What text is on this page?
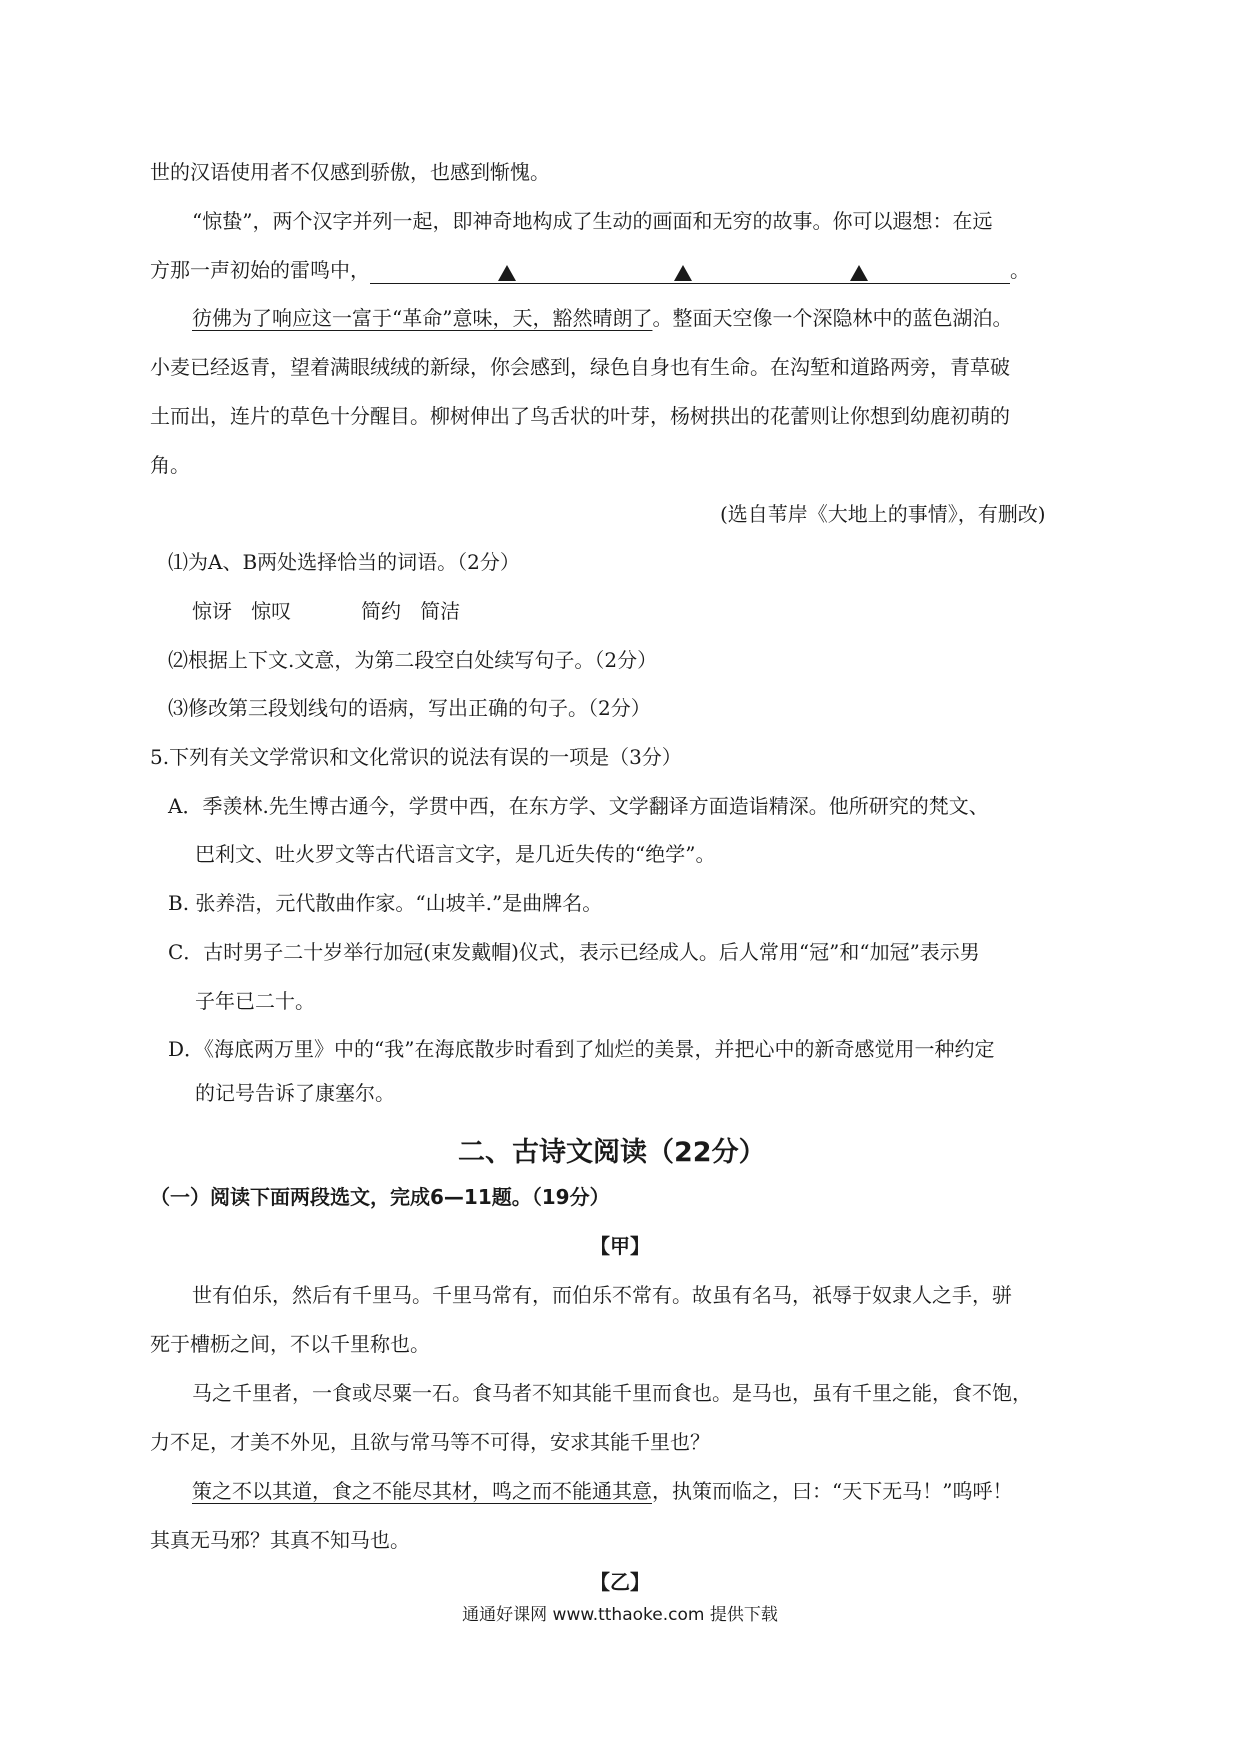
世的汉语使用者不仅感到骄傲，也感到惭愧。
“惊蛰”，两个汉字并列一起，即神奇地构成了生动的画面和无穷的故事。你可以遐想：在远
方那一声初始的雷鸣中，	。
彷佛为了响应这一富于“革命”意味，天，豁然晴朗了。整面天空像一个深隐林中的蓝色湖泊。
小麦已经返青，望着满眼绒绒的新绿，你会感到，绿色自身也有生命。在沟堑和道路两旁，青草破
土而出，连片的草色十分醒目。柳树伸出了鸟舌状的叶芽，杨树拱出的花蕾则让你想到幼鹿初萌的
角。
(选自苇岸《大地上的事情》，有删改)
⑴为A、B两处选择恰当的词语。（2分）
惊讶   惊叹           简约   简洁
⑵根据上下文.文意，为第二段空白处续写句子。（2分）
⑶修改第三段划线句的语病，写出正确的句子。（2分）
5.下列有关文学常识和文化常识的说法有误的一项是（3分）
A．季羡林.先生博古通今，学贯中西，在东方学、文学翻译方面造诣精深。他所研究的梵文、
巴利文、吐火罗文等古代语言文字，是几近失传的“绝学”。
B. 张养浩，元代散曲作家。“山坡羊.”是曲牌名。
C．古时男子二十岁举行加冠(束发戴帽)仪式，表示已经成人。后人常用“冠”和“加冠”表示男
子年已二十。
D．《海底两万里》中的“我”在海底散步时看到了灿烂的美景，并把心中的新奇感觉用一种约定
的记号告诉了康塞尔。
二、古诗文阅读（22分）
（一）阅读下面两段选文，完成6—11题。（19分）
【甲】
世有伯乐，然后有千里马。千里马常有，而伯乐不常有。故虽有名马，祇辱于奴隶人之手，骈
死于槽枥之间，不以千里称也。
马之千里者，一食或尽粟一石。食马者不知其能千里而食也。是马也，虽有千里之能，食不饱，
力不足，才美不外见，且欲与常马等不可得，安求其能千里也？
策之不以其道，食之不能尽其材，鸣之而不能通其意，执策而临之，曰：“天下无马！”呜呼！
其真无马邪？其真不知马也。
【乙】
通通好课网 www.tthaoke.com 提供下载
